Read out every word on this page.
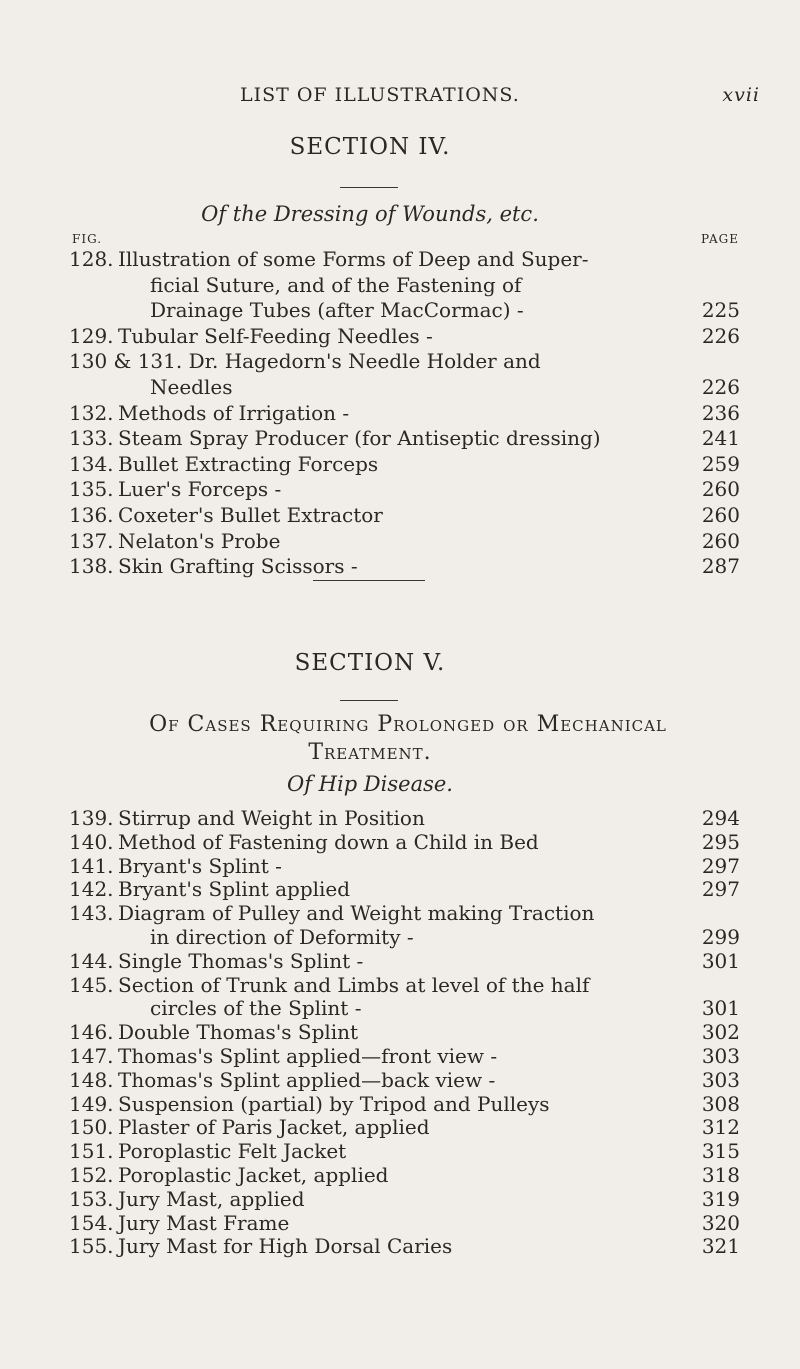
LIST OF ILLUSTRATIONS.	xvii
SECTION IV.
Of the Dressing of Wounds, etc.
FIG.	PAGE
128. Illustration of some Forms of Deep and Super-
ficial Suture, and of the Fastening of
Drainage Tubes (after MacCormac) -	225
129. Tubular Self-Feeding Needles -	226
130 & 131. Dr. Hagedorn's Needle Holder and
Needles	226
132. Methods of Irrigation -	236
133. Steam Spray Producer (for Antiseptic dressing)	241
134. Bullet Extracting Forceps	259
135. Luer's Forceps -	260
136. Coxeter's Bullet Extractor	260
137. Nelaton's Probe	260
138. Skin Grafting Scissors -	287
SECTION V.
Of Cases Requiring Prolonged or Mechanical
Treatment.
Of Hip Disease.
139. Stirrup and Weight in Position	294
140. Method of Fastening down a Child in Bed	295
141. Bryant's Splint -	297
142. Bryant's Splint applied	297
143. Diagram of Pulley and Weight making Traction
in direction of Deformity -	299
144. Single Thomas's Splint -	301
145. Section of Trunk and Limbs at level of the half
circles of the Splint -	301
146. Double Thomas's Splint	302
147. Thomas's Splint applied—front view -	303
148. Thomas's Splint applied—back view -	303
149. Suspension (partial) by Tripod and Pulleys	308
150. Plaster of Paris Jacket, applied	312
151. Poroplastic Felt Jacket	315
152. Poroplastic Jacket, applied	318
153. Jury Mast, applied	319
154. Jury Mast Frame	320
155. Jury Mast for High Dorsal Caries	321
